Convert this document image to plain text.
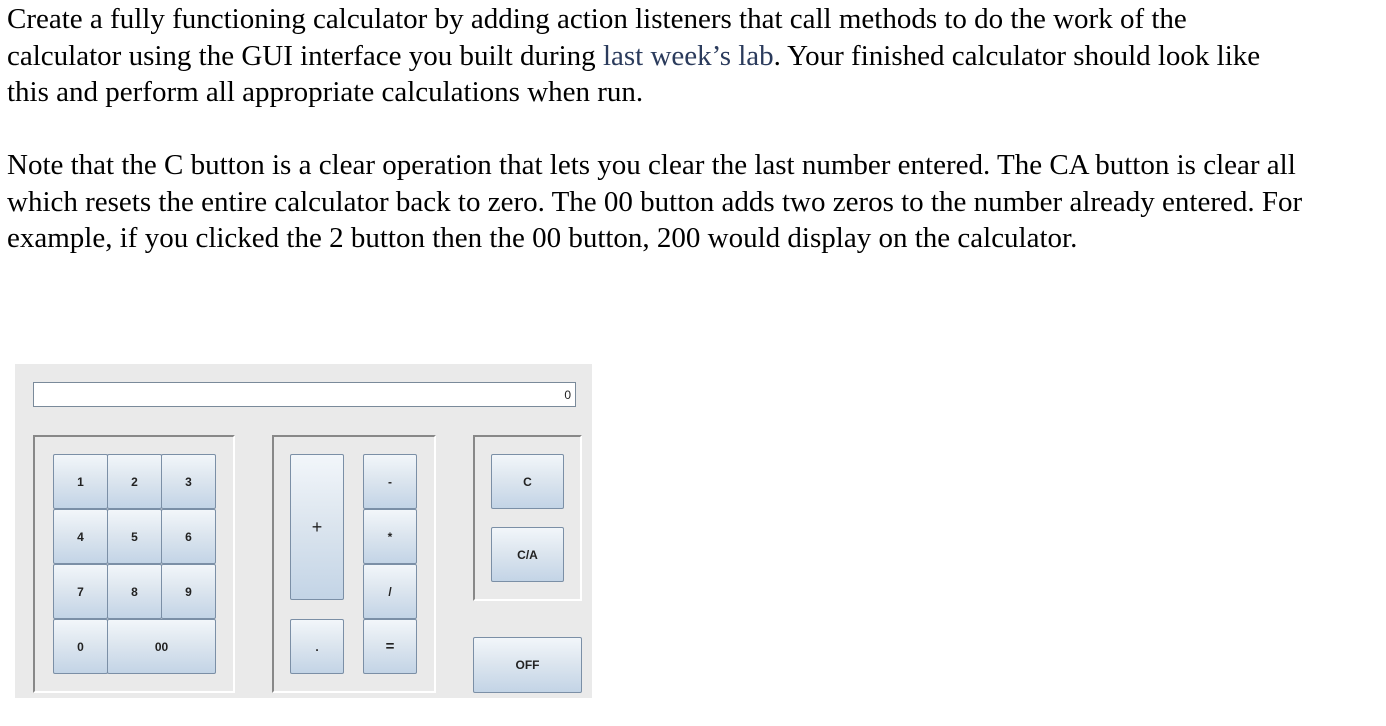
Create a fully functioning calculator by adding action listeners that call methods to do the work of the calculator using the GUI interface you built during last week’s lab. Your finished calculator should look like this and perform all appropriate calculations when run.

Note that the C button is a clear operation that lets you clear the last number entered. The CA button is clear all which resets the entire calculator back to zero. The 00 button adds two zeros to the number already entered. For example, if you clicked the 2 button then the 00 button, 200 would display on the calculator.

0
1	2	3
4	5	6
7	8	9
0	00
+
-
*
/
.	=
C
C/A
OFF
